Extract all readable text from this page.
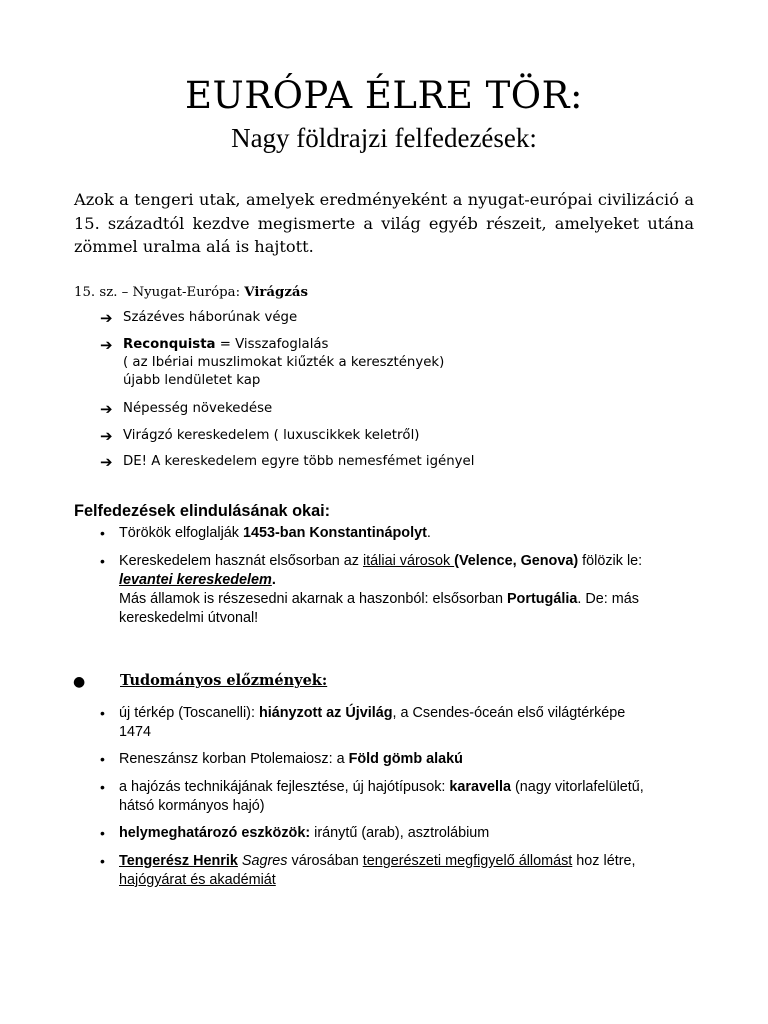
EURÓPA ÉLRE TÖR:
Nagy földrajzi felfedezések:
Azok a tengeri utak, amelyek eredményeként a nyugat-európai civilizáció a 15. századtól kezdve megismerte a világ egyéb részeit, amelyeket utána zömmel uralma alá is hajtott.
15. sz. – Nyugat-Európa: Virágzás
➔ Százéves háborúnak vége
➔ Reconquista = Visszafoglalás
( az Ibériai muszlimokat kiűzték a keresztények)
újabb lendületet kap
➔ Népesség növekedése
➔ Virágzó kereskedelem ( luxuscikkek keletről)
➔ DE! A kereskedelem egyre több nemesfémet igényel
Felfedezések elindulásának okai:
• Törökök elfoglalják 1453-ban Konstantinápolyt.
• Kereskedelem hasznát elsősorban az itáliai városok (Velence, Genova) fölözik le:
levantei kereskedelem.
Más államok is részesedni akarnak a haszonból: elsősorban Portugália. De: más
kereskedelmi útvonal!
● Tudományos előzmények:
• új térkép (Toscanelli): hiányzott az Újvilág, a Csendes-óceán első világtérképe
1474
• Reneszánsz korban Ptolemaiosz: a Föld gömb alakú
• a hajózás technikájának fejlesztése, új hajótípusok: karavella (nagy vitorlafelületű,
hátsó kormányos hajó)
• helymeghatározó eszközök: iránytű (arab), asztrolábium
• Tengerész Henrik Sagres városában tengerészeti megfigyelő állomást hoz létre,
hajógyárat és akadémiát
